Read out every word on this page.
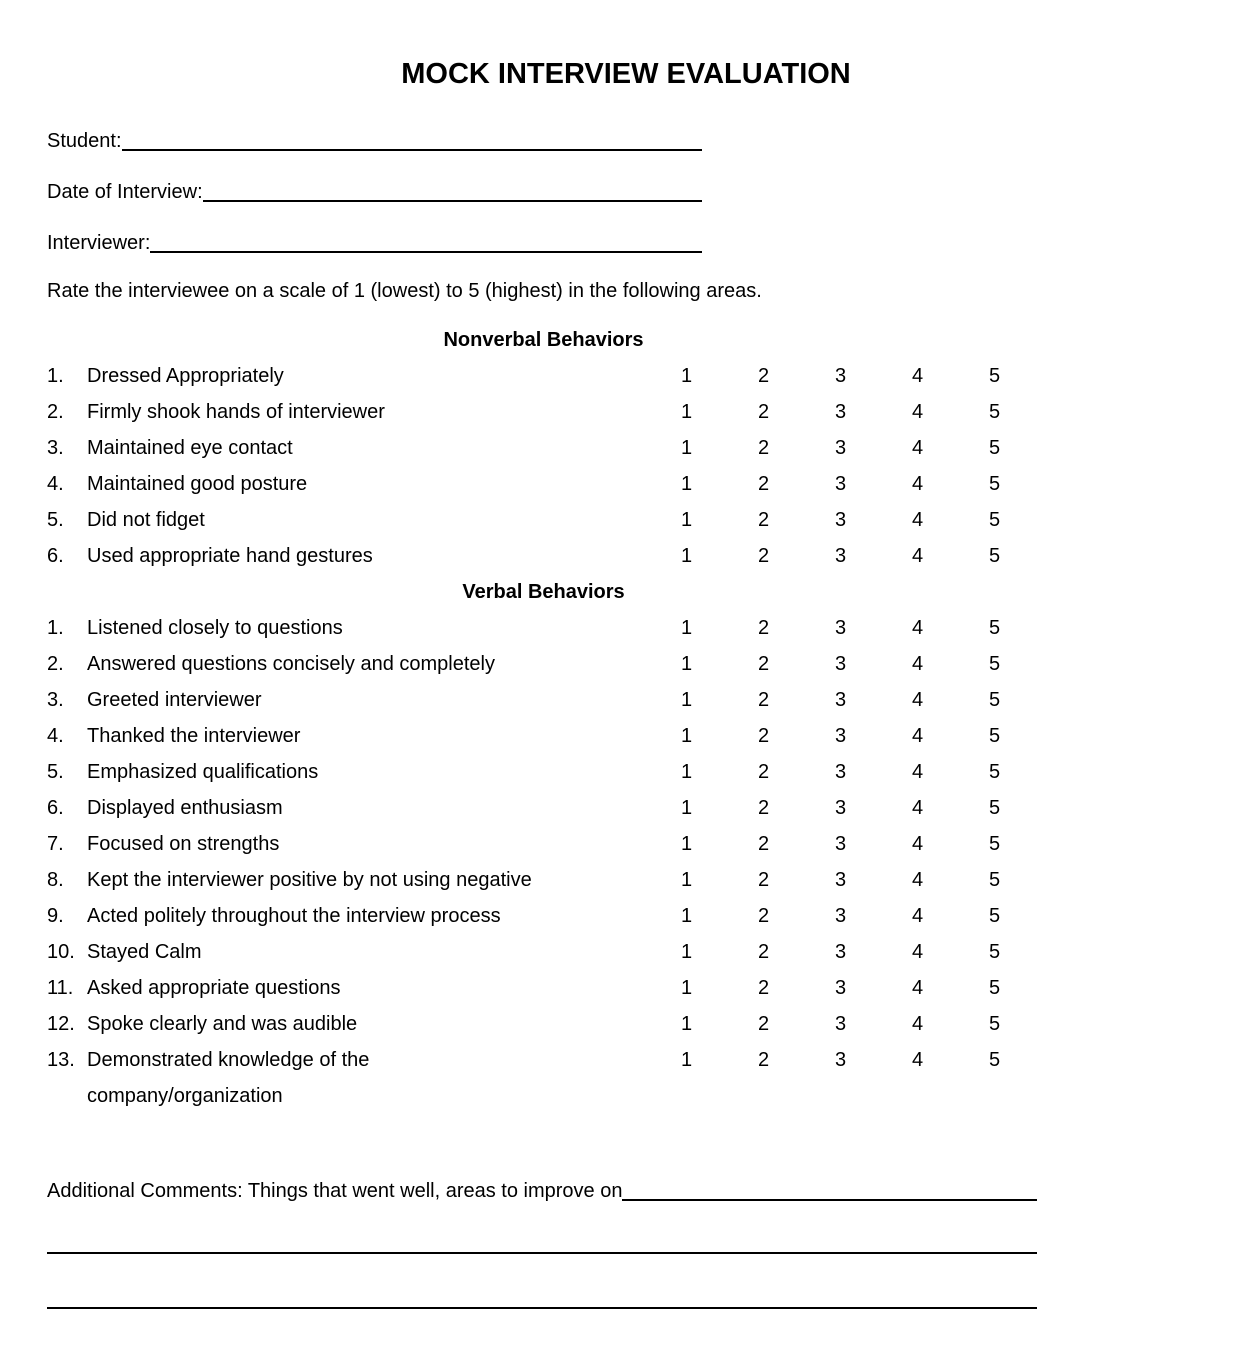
MOCK INTERVIEW EVALUATION
Student:
Date of Interview:
Interviewer:
Rate the interviewee on a scale of 1 (lowest) to 5 (highest) in the following areas.
Nonverbal Behaviors
1.	Dressed Appropriately	1	2	3	4	5
2.	Firmly shook hands of interviewer	1	2	3	4	5
3.	Maintained eye contact	1	2	3	4	5
4.	Maintained good posture	1	2	3	4	5
5.	Did not fidget	1	2	3	4	5
6.	Used appropriate hand gestures	1	2	3	4	5
Verbal Behaviors
1.	Listened closely to questions	1	2	3	4	5
2.	Answered questions concisely and completely	1	2	3	4	5
3.	Greeted interviewer	1	2	3	4	5
4.	Thanked the interviewer	1	2	3	4	5
5.	Emphasized qualifications	1	2	3	4	5
6.	Displayed enthusiasm	1	2	3	4	5
7.	Focused on strengths	1	2	3	4	5
8.	Kept the interviewer positive by not using negative	1	2	3	4	5
9.	Acted politely throughout the interview process	1	2	3	4	5
10. Stayed Calm	1	2	3	4	5
11. Asked appropriate questions	1	2	3	4	5
12. Spoke clearly and was audible	1	2	3	4	5
13. Demonstrated knowledge of the	1	2	3	4	5
company/organization
Additional Comments: Things that went well, areas to improve on
